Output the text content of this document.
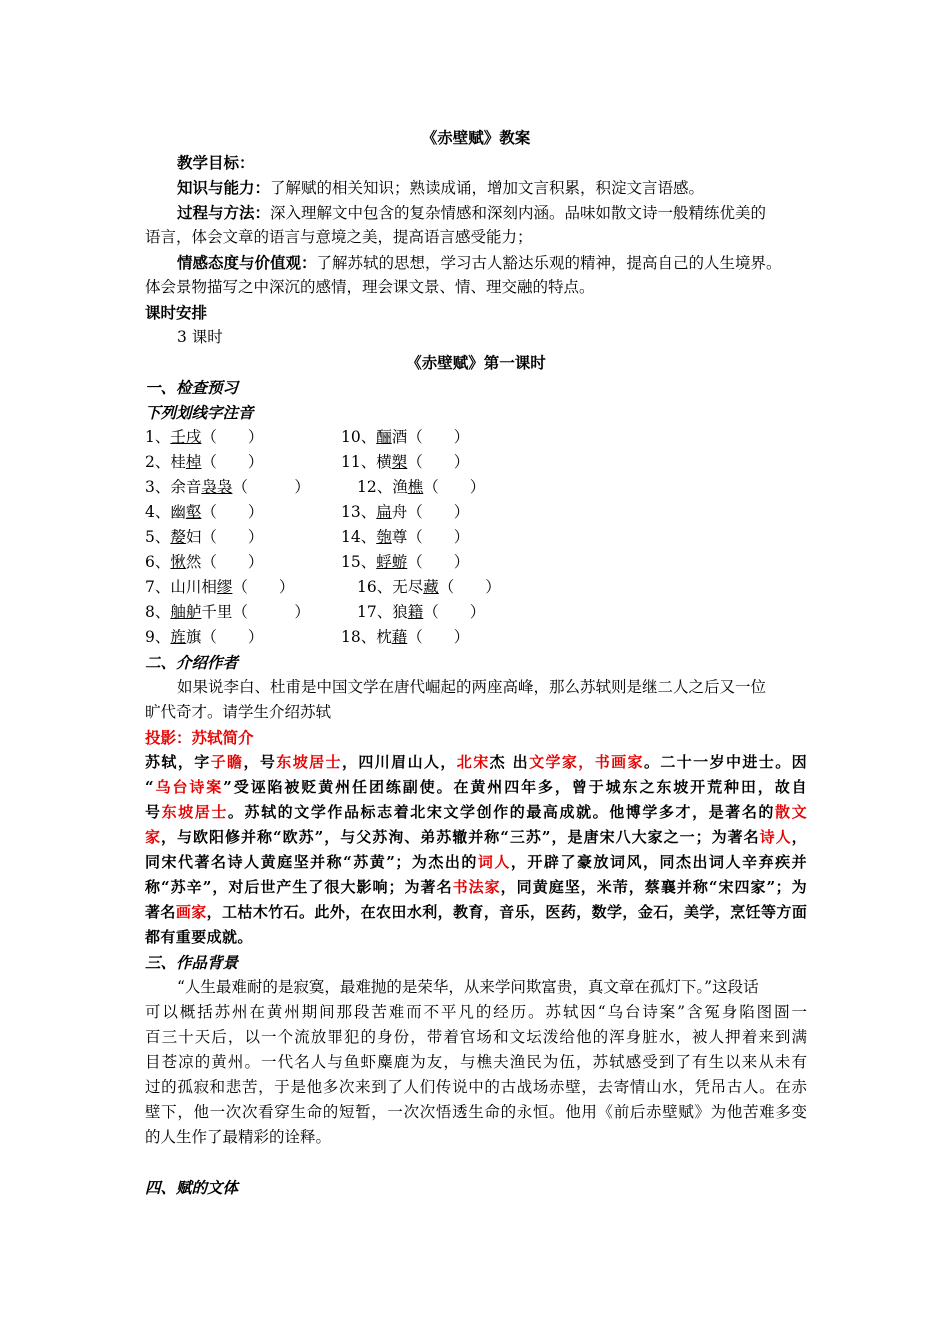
《赤壁赋》教案
教学目标：
知识与能力：了解赋的相关知识；熟读成诵，增加文言积累，积淀文言语感。
过程与方法：深入理解文中包含的复杂情感和深刻内涵。品味如散文诗一般精练优美的
语言，体会文章的语言与意境之美，提高语言感受能力；
情感态度与价值观：了解苏轼的思想，学习古人豁达乐观的精神，提高自己的人生境界。
体会景物描写之中深沉的感情，理会课文景、情、理交融的特点。
课时安排
3 课时
《赤壁赋》第一课时
一、检查预习
下列划线字注音
1、壬戌（　　）
2、桂棹（　　）
3、余音袅袅（　　　）
4、幽壑（　　）
5、嫠妇（　　）
6、愀然（　　）
7、山川相缪（　　）
8、舳舻千里（　　　）
9、旌旗（　　）
10、酾酒（　　）
11、横槊（　　）
12、渔樵（　　）
13、扁舟（　　）
14、匏尊（　　）
15、蜉蝣（　　）
16、无尽藏（　　）
17、狼籍（　　）
18、枕藉（　　）
二、介绍作者
如果说李白、杜甫是中国文学在唐代崛起的两座高峰，那么苏轼则是继二人之后又一位
旷代奇才。请学生介绍苏轼
投影：苏轼简介
苏轼，字子瞻，号东坡居士，四川眉山人，北宋杰 出文学家，书画家。二十一岁中进士。因
“乌台诗案”受诬陷被贬黄州任团练副使。在黄州四年多，曾于城东之东坡开荒种田，故自
号东坡居士。苏轼的文学作品标志着北宋文学创作的最高成就。他博学多才，是著名的散文
家，与欧阳修并称“欧苏”，与父苏洵、弟苏辙并称“三苏”，是唐宋八大家之一；为著名诗人，
同宋代著名诗人黄庭坚并称“苏黄”；为杰出的词人，开辟了豪放词风，同杰出词人辛弃疾并
称“苏辛”，对后世产生了很大影响；为著名书法家，同黄庭坚，米芾，蔡襄并称“宋四家”；为
著名画家，工枯木竹石。此外，在农田水利，教育，音乐，医药，数学，金石，美学，烹饪等方面
都有重要成就。
三、作品背景
“人生最难耐的是寂寞，最难抛的是荣华，从来学问欺富贵，真文章在孤灯下。”这段话
可以概括苏州在黄州期间那段苦难而不平凡的经历。苏轼因“乌台诗案”含冤身陷图圄一
百三十天后，以一个流放罪犯的身份，带着官场和文坛泼给他的浑身脏水，被人押着来到满
目苍凉的黄州。一代名人与鱼虾麋鹿为友，与樵夫渔民为伍，苏轼感受到了有生以来从未有
过的孤寂和悲苦，于是他多次来到了人们传说中的古战场赤壁，去寄情山水，凭吊古人。在赤
壁下，他一次次看穿生命的短暂，一次次悟透生命的永恒。他用《前后赤壁赋》为他苦难多变
的人生作了最精彩的诠释。
四、赋的文体
